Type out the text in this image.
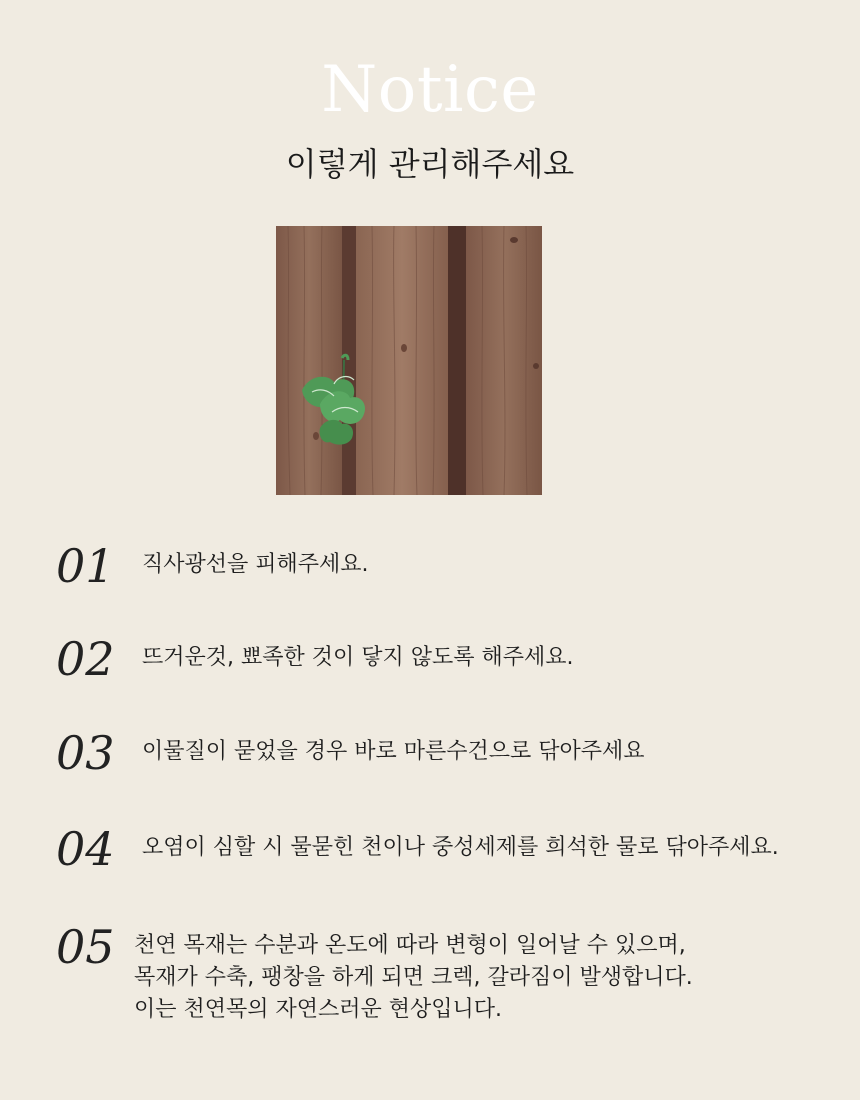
Notice
이렇게 관리해주세요
01 직사광선을 피해주세요.
02 뜨거운것, 뾰족한 것이 닿지 않도록 해주세요.
03 이물질이 묻었을 경우 바로 마른수건으로 닦아주세요
04 오염이 심할 시 물묻힌 천이나 중성세제를 희석한 물로 닦아주세요.
05 천연 목재는 수분과 온도에 따라 변형이 일어날 수 있으며,
목재가 수축, 팽창을 하게 되면 크렉, 갈라짐이 발생합니다.
이는 천연목의 자연스러운 현상입니다.
